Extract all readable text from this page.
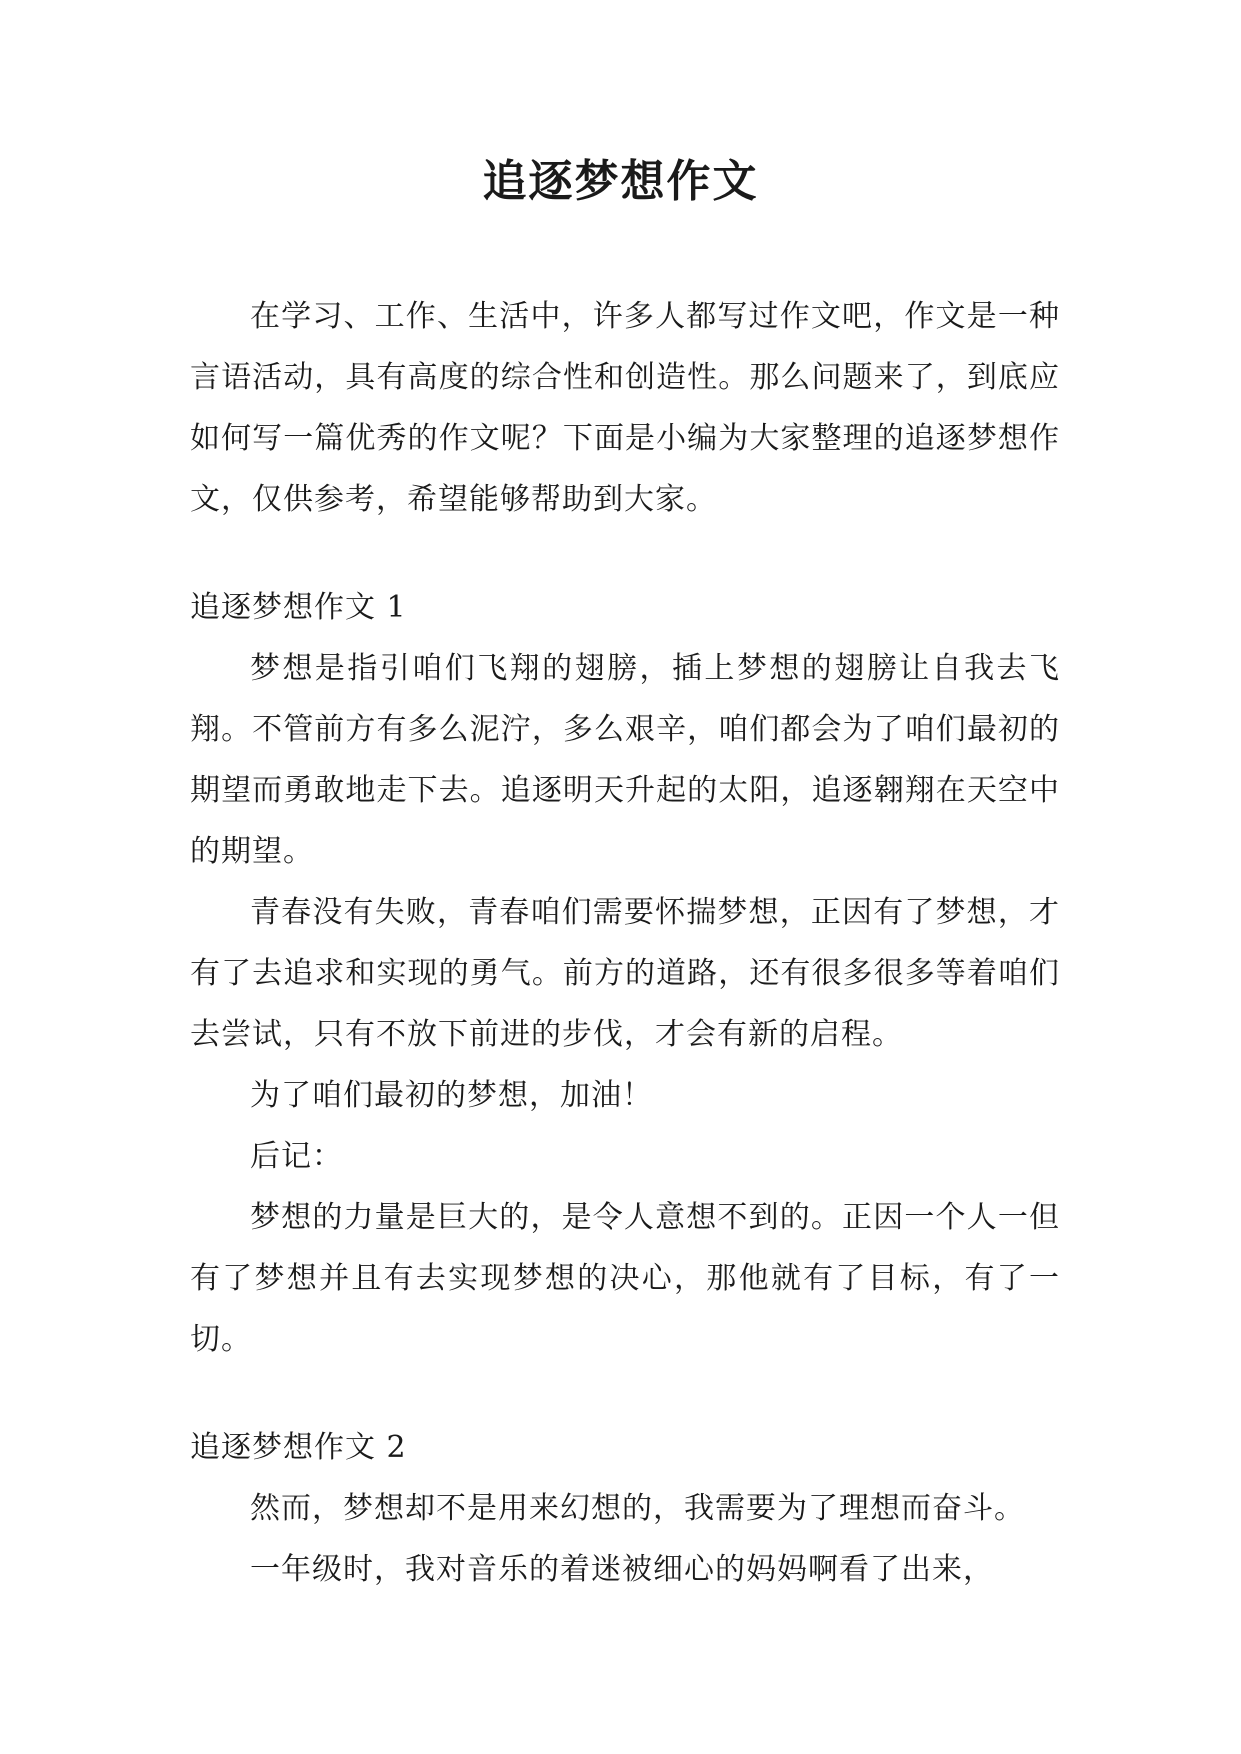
追逐梦想作文

在学习、工作、生活中，许多人都写过作文吧，作文是一种言语活动，具有高度的综合性和创造性。那么问题来了，到底应如何写一篇优秀的作文呢？下面是小编为大家整理的追逐梦想作文，仅供参考，希望能够帮助到大家。

追逐梦想作文 1

梦想是指引咱们飞翔的翅膀，插上梦想的翅膀让自我去飞翔。不管前方有多么泥泞，多么艰辛，咱们都会为了咱们最初的期望而勇敢地走下去。追逐明天升起的太阳，追逐翱翔在天空中的期望。

青春没有失败，青春咱们需要怀揣梦想，正因有了梦想，才有了去追求和实现的勇气。前方的道路，还有很多很多等着咱们去尝试，只有不放下前进的步伐，才会有新的启程。

为了咱们最初的梦想，加油！

后记：

梦想的力量是巨大的，是令人意想不到的。正因一个人一但有了梦想并且有去实现梦想的决心，那他就有了目标，有了一切。

追逐梦想作文 2

然而，梦想却不是用来幻想的，我需要为了理想而奋斗。

一年级时，我对音乐的着迷被细心的妈妈啊看了出来，
